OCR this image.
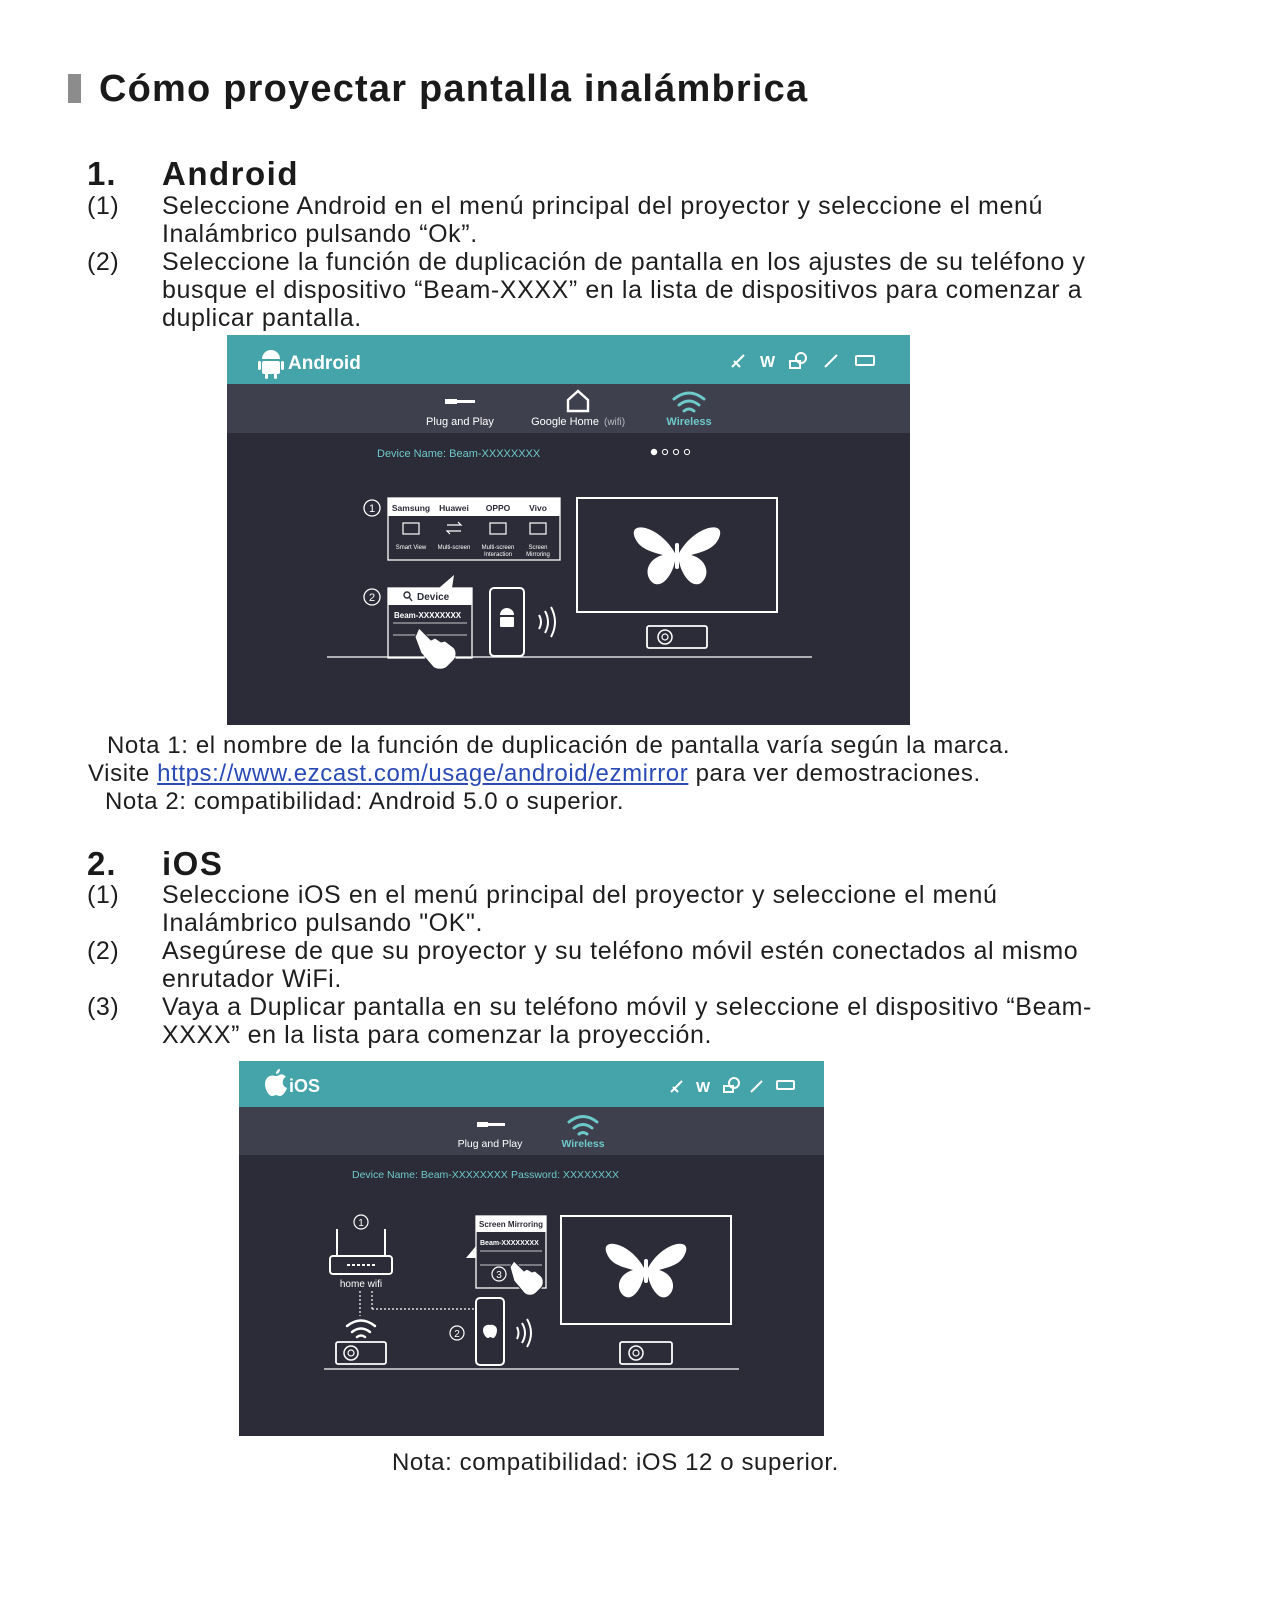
Cómo proyectar pantalla inalámbrica
1. Android
(1) Seleccione Android en el menú principal del proyector y seleccione el menú Inalámbrico pulsando “Ok”.
(2) Seleccione la función de duplicación de pantalla en los ajustes de su teléfono y busque el dispositivo “Beam-XXXX” en la lista de dispositivos para comenzar a duplicar pantalla.
Android	W
Plug and Play	Google Home (wifi)	Wireless
Device Name: Beam-XXXXXXXX
1 Samsung Huawei OPPO Vivo
Smart View Multi-screen Multi-screen
Interaction
Screen
Mirroring
2	Device
Beam-XXXXXXXX
Nota 1: el nombre de la función de duplicación de pantalla varía según la marca.
Visite https://www.ezcast.com/usage/android/ezmirror para ver demostraciones.
Nota 2: compatibilidad: Android 5.0 o superior.
2. iOS
(1) Seleccione iOS en el menú principal del proyector y seleccione el menú Inalámbrico pulsando "OK".
(2) Asegúrese de que su proyector y su teléfono móvil estén conectados al mismo enrutador WiFi.
(3) Vaya a Duplicar pantalla en su teléfono móvil y seleccione el dispositivo “Beam-XXXX” en la lista para comenzar la proyección.
iOS	W
Plug and Play	Wireless
Device Name: Beam-XXXXXXXX Password: XXXXXXXX
1
home wifi
Screen Mirroring
Beam-XXXXXXXX
3
2
Nota: compatibilidad: iOS 12 o superior.
